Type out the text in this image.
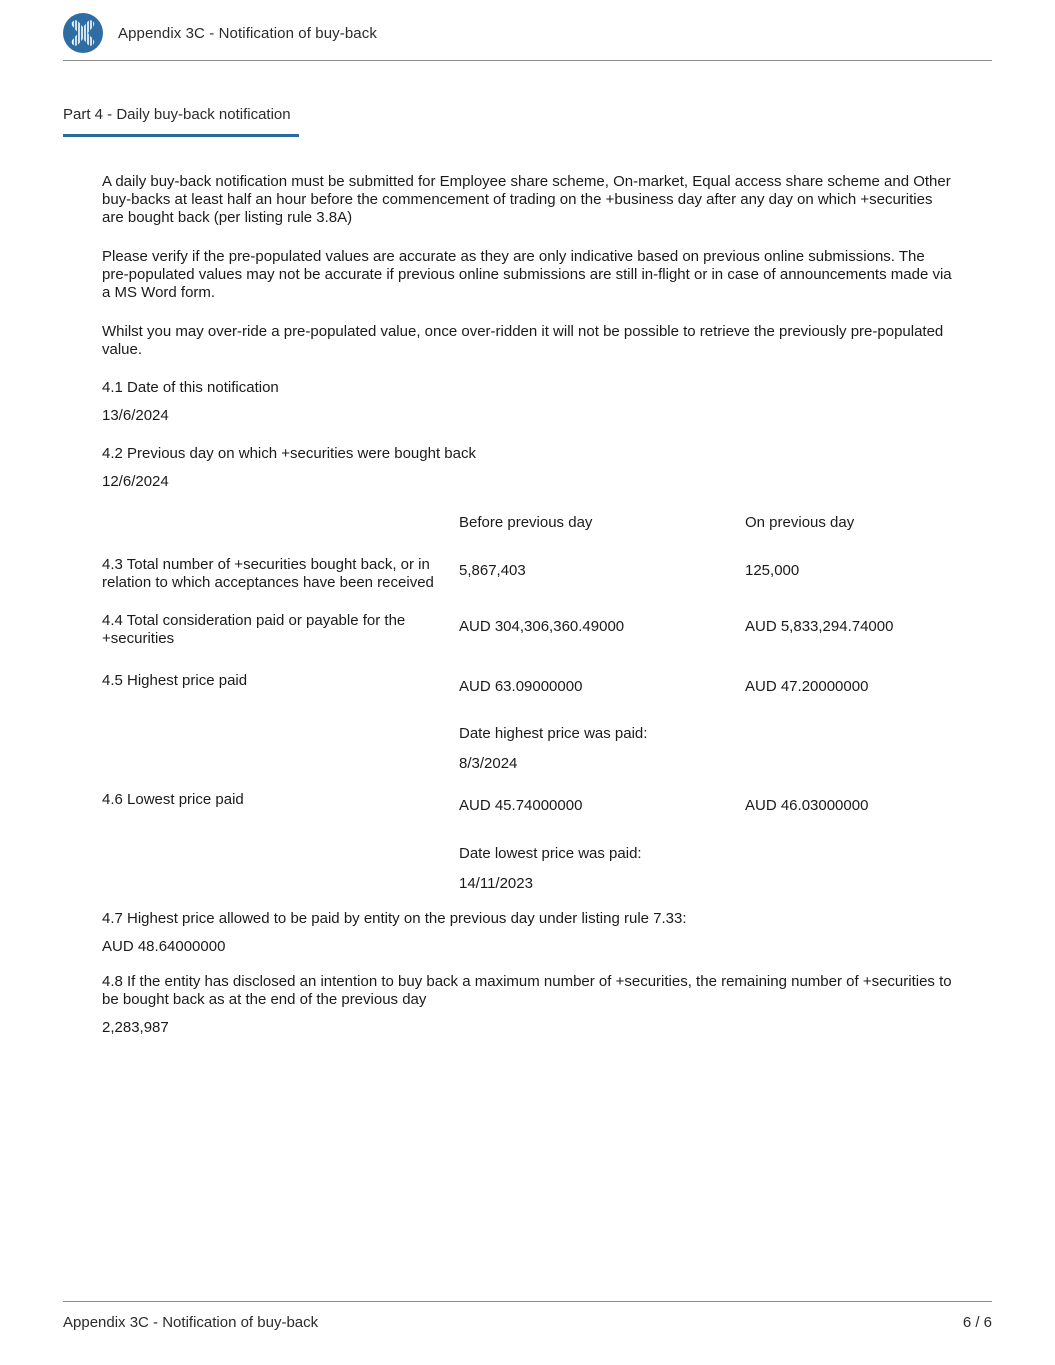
Appendix 3C - Notification of buy-back
Part 4 - Daily buy-back notification

A daily buy-back notification must be submitted for Employee share scheme, On-market, Equal access share scheme and Other buy-backs at least half an hour before the commencement of trading on the +business day after any day on which +securities are bought back (per listing rule 3.8A)

Please verify if the pre-populated values are accurate as they are only indicative based on previous online submissions. The pre-populated values may not be accurate if previous online submissions are still in-flight or in case of announcements made via a MS Word form.

Whilst you may over-ride a pre-populated value, once over-ridden it will not be possible to retrieve the previously pre-populated value.

4.1 Date of this notification
13/6/2024
4.2 Previous day on which +securities were bought back
12/6/2024
Before previous day	On previous day
4.3 Total number of +securities bought back, or in relation to which acceptances have been received
5,867,403	125,000
4.4 Total consideration paid or payable for the +securities
AUD 304,306,360.49000	AUD 5,833,294.74000
4.5 Highest price paid	AUD 63.09000000	AUD 47.20000000
Date highest price was paid:
8/3/2024
4.6 Lowest price paid	AUD 45.74000000	AUD 46.03000000
Date lowest price was paid:
14/11/2023
4.7 Highest price allowed to be paid by entity on the previous day under listing rule 7.33:
AUD 48.64000000
4.8 If the entity has disclosed an intention to buy back a maximum number of +securities, the remaining number of +securities to be bought back as at the end of the previous day
2,283,987
Appendix 3C - Notification of buy-back	6 / 6
